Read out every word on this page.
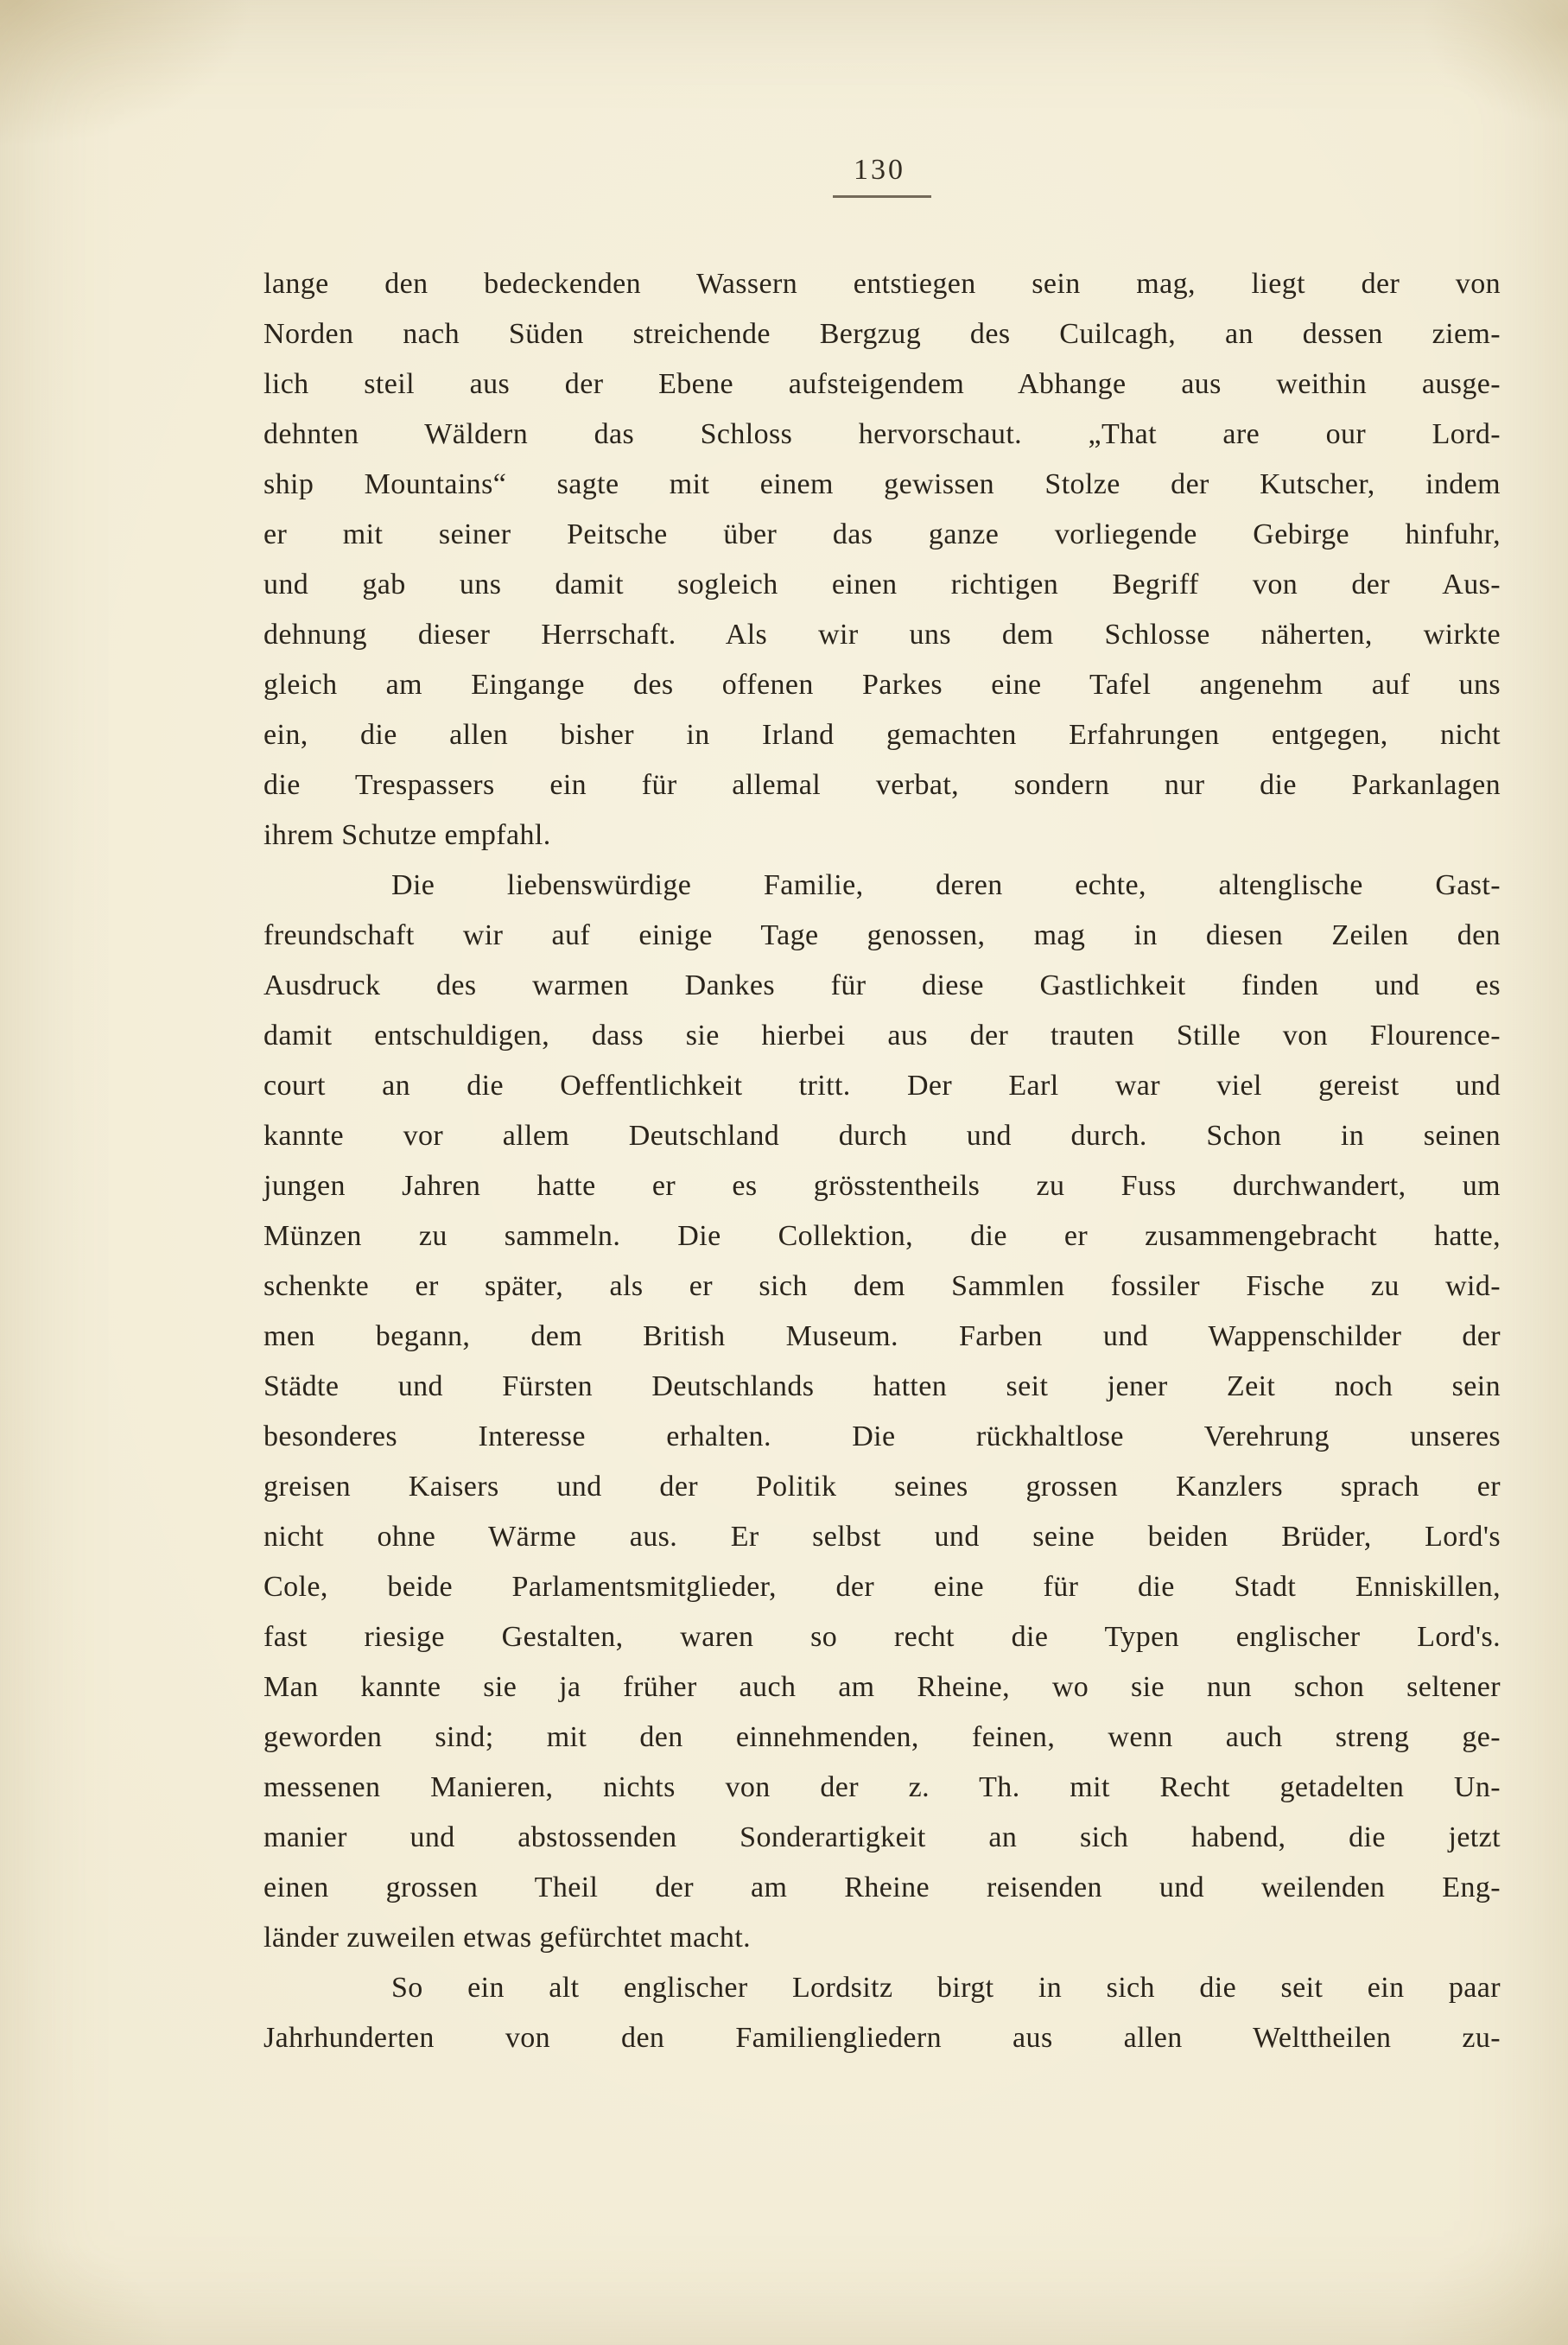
130
lange den bedeckenden Wassern entstiegen sein mag, liegt der von
Norden nach Süden streichende Bergzug des Cuilcagh, an dessen ziem-
lich steil aus der Ebene aufsteigendem Abhange aus weithin ausge-
dehnten Wäldern das Schloss hervorschaut. „That are our Lord-
ship Mountains“ sagte mit einem gewissen Stolze der Kutscher, indem
er mit seiner Peitsche über das ganze vorliegende Gebirge hinfuhr,
und gab uns damit sogleich einen richtigen Begriff von der Aus-
dehnung dieser Herrschaft. Als wir uns dem Schlosse näherten, wirkte
gleich am Eingange des offenen Parkes eine Tafel angenehm auf uns
ein, die allen bisher in Irland gemachten Erfahrungen entgegen, nicht
die Trespassers ein für allemal verbat, sondern nur die Parkanlagen
ihrem Schutze empfahl.
Die liebenswürdige Familie, deren echte, altenglische Gast-
freundschaft wir auf einige Tage genossen, mag in diesen Zeilen den
Ausdruck des warmen Dankes für diese Gastlichkeit finden und es
damit entschuldigen, dass sie hierbei aus der trauten Stille von Flourence-
court an die Oeffentlichkeit tritt. Der Earl war viel gereist und
kannte vor allem Deutschland durch und durch. Schon in seinen
jungen Jahren hatte er es grösstentheils zu Fuss durchwandert, um
Münzen zu sammeln. Die Collektion, die er zusammengebracht hatte,
schenkte er später, als er sich dem Sammlen fossiler Fische zu wid-
men begann, dem British Museum. Farben und Wappenschilder der
Städte und Fürsten Deutschlands hatten seit jener Zeit noch sein
besonderes Interesse erhalten. Die rückhaltlose Verehrung unseres
greisen Kaisers und der Politik seines grossen Kanzlers sprach er
nicht ohne Wärme aus. Er selbst und seine beiden Brüder, Lord's
Cole, beide Parlamentsmitglieder, der eine für die Stadt Enniskillen,
fast riesige Gestalten, waren so recht die Typen englischer Lord's.
Man kannte sie ja früher auch am Rheine, wo sie nun schon seltener
geworden sind; mit den einnehmenden, feinen, wenn auch streng ge-
messenen Manieren, nichts von der z. Th. mit Recht getadelten Un-
manier und abstossenden Sonderartigkeit an sich habend, die jetzt
einen grossen Theil der am Rheine reisenden und weilenden Eng-
länder zuweilen etwas gefürchtet macht.
So ein alt englischer Lordsitz birgt in sich die seit ein paar
Jahrhunderten von den Familiengliedern aus allen Welttheilen zu-
